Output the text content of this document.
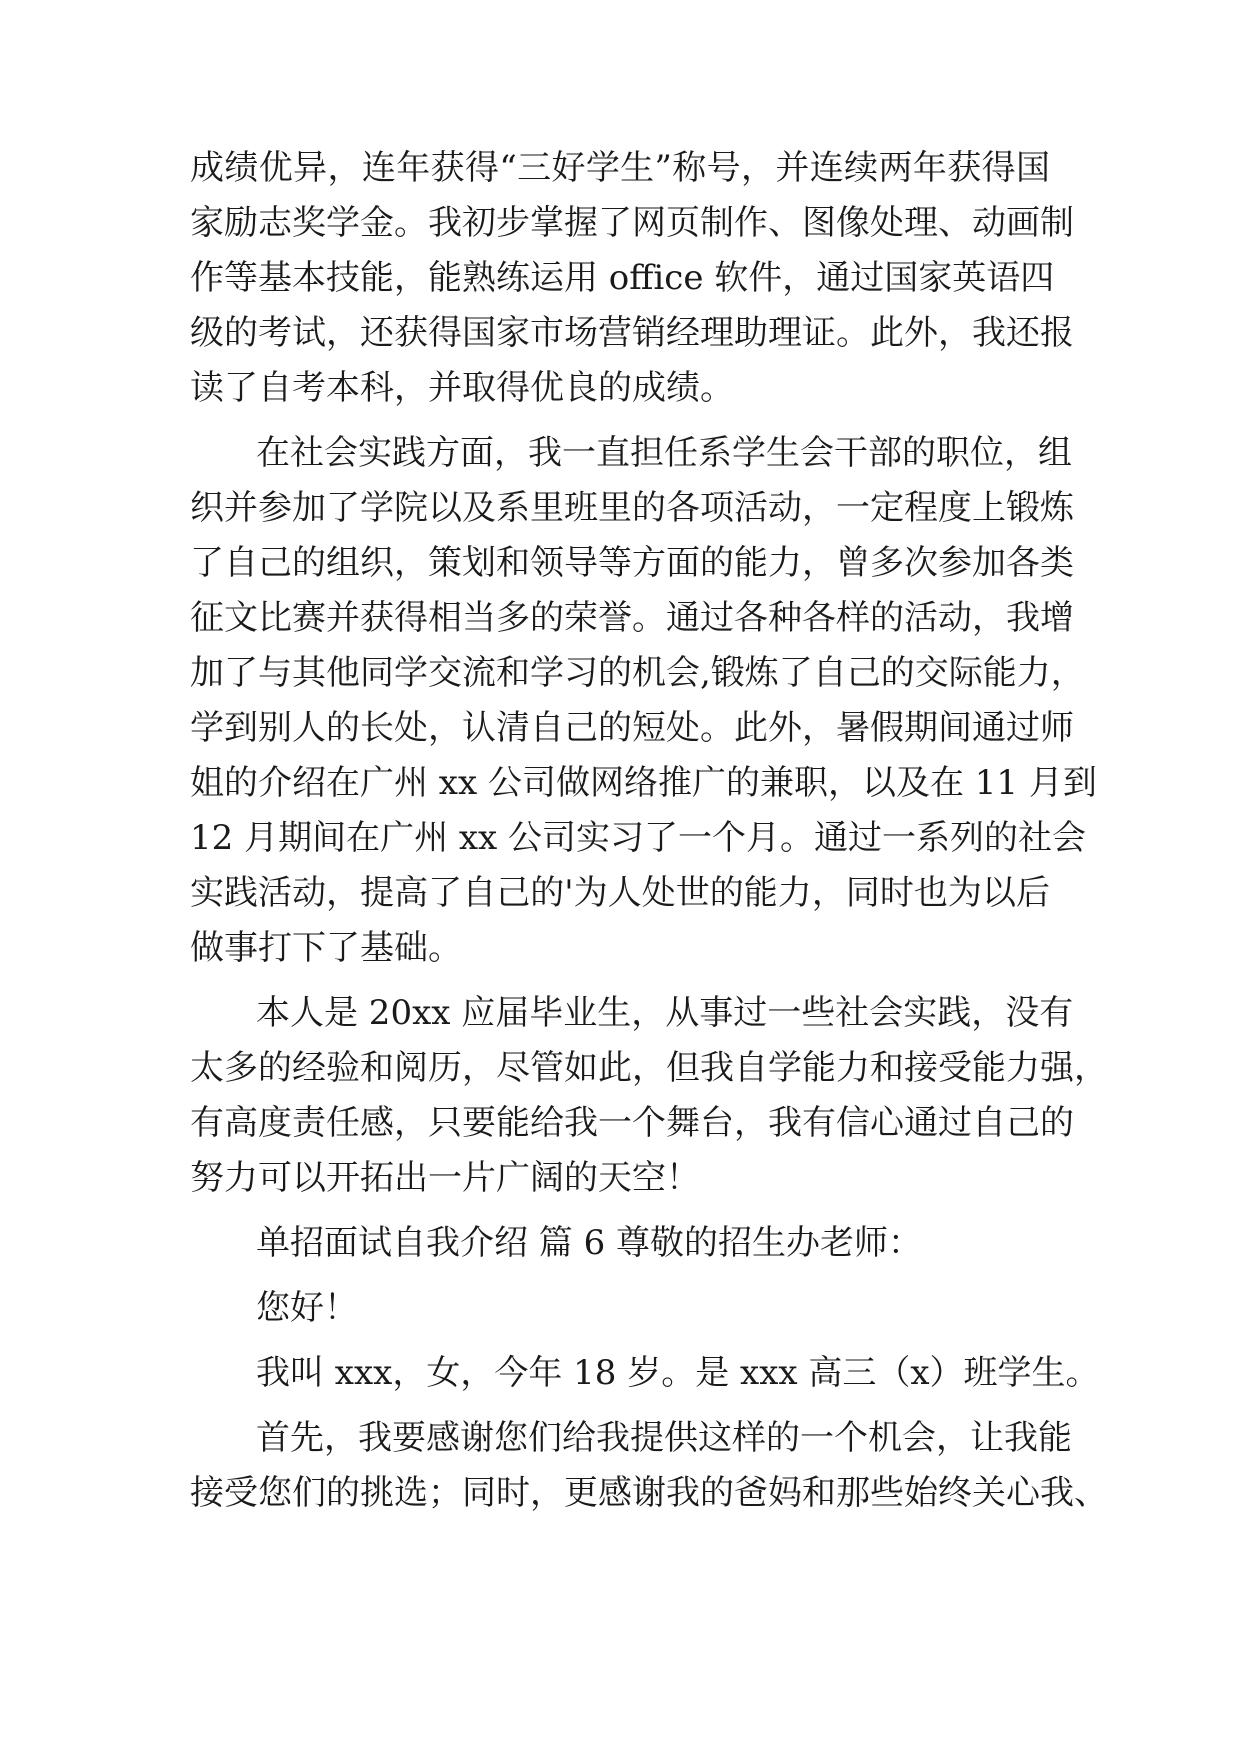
成绩优异，连年获得“三好学生”称号，并连续两年获得国
家励志奖学金。我初步掌握了网页制作、图像处理、动画制
作等基本技能，能熟练运用 office 软件，通过国家英语四
级的考试，还获得国家市场营销经理助理证。此外，我还报
读了自考本科，并取得优良的成绩。
在社会实践方面，我一直担任系学生会干部的职位，组
织并参加了学院以及系里班里的各项活动，一定程度上锻炼
了自己的组织，策划和领导等方面的能力，曾多次参加各类
征文比赛并获得相当多的荣誉。通过各种各样的活动，我增
加了与其他同学交流和学习的机会,锻炼了自己的交际能力，
学到别人的长处，认清自己的短处。此外，暑假期间通过师
姐的介绍在广州 xx 公司做网络推广的兼职，以及在 11 月到
12 月期间在广州 xx 公司实习了一个月。通过一系列的社会
实践活动，提高了自己的'为人处世的能力，同时也为以后
做事打下了基础。
本人是 20xx 应届毕业生，从事过一些社会实践，没有
太多的经验和阅历，尽管如此，但我自学能力和接受能力强，
有高度责任感，只要能给我一个舞台，我有信心通过自己的
努力可以开拓出一片广阔的天空！
单招面试自我介绍 篇 6 尊敬的招生办老师：
您好！
我叫 xxx，女，今年 18 岁。是 xxx 高三（x）班学生。
首先，我要感谢您们给我提供这样的一个机会，让我能
接受您们的挑选；同时，更感谢我的爸妈和那些始终关心我、
